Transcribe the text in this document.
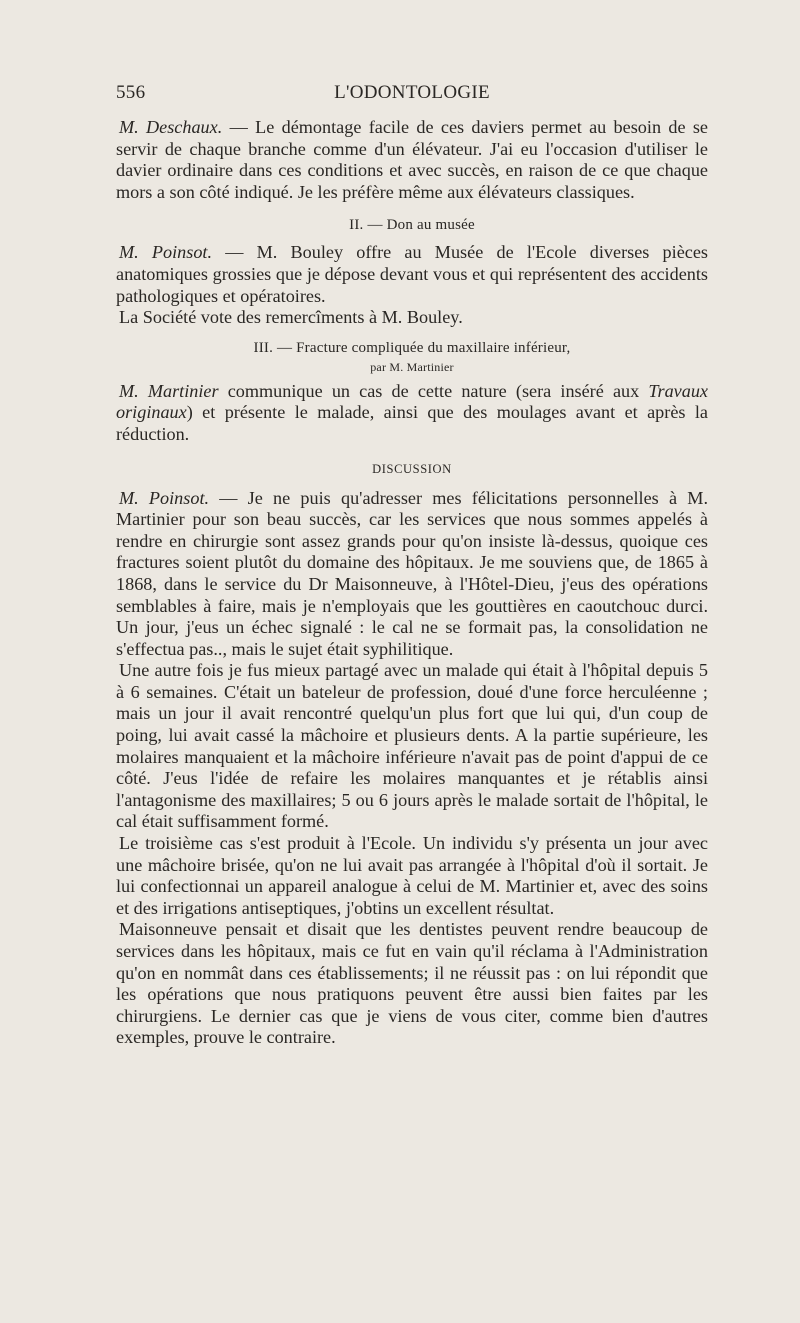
556	L'ODONTOLOGIE

M. Deschaux. — Le démontage facile de ces daviers permet au besoin de se servir de chaque branche comme d'un élévateur. J'ai eu l'occasion d'utiliser le davier ordinaire dans ces conditions et avec succès, en raison de ce que chaque mors a son côté indiqué. Je les préfère même aux élévateurs classiques.

II. — Don au musée

M. Poinsot. — M. Bouley offre au Musée de l'Ecole diverses pièces anatomiques grossies que je dépose devant vous et qui représentent des accidents pathologiques et opératoires.

La Société vote des remercîments à M. Bouley.

III. — Fracture compliquée du maxillaire inférieur,

par M. Martinier

M. Martinier communique un cas de cette nature (sera inséré aux Travaux originaux) et présente le malade, ainsi que des moulages avant et après la réduction.

DISCUSSION

M. Poinsot. — Je ne puis qu'adresser mes félicitations personnelles à M. Martinier pour son beau succès, car les services que nous sommes appelés à rendre en chirurgie sont assez grands pour qu'on insiste là-dessus, quoique ces fractures soient plutôt du domaine des hôpitaux. Je me souviens que, de 1865 à 1868, dans le service du Dr Maisonneuve, à l'Hôtel-Dieu, j'eus des opérations semblables à faire, mais je n'employais que les gouttières en caoutchouc durci. Un jour, j'eus un échec signalé : le cal ne se formait pas, la consolidation ne s'effectua pas.., mais le sujet était syphilitique.

Une autre fois je fus mieux partagé avec un malade qui était à l'hôpital depuis 5 à 6 semaines. C'était un bateleur de profession, doué d'une force herculéenne ; mais un jour il avait rencontré quelqu'un plus fort que lui qui, d'un coup de poing, lui avait cassé la mâchoire et plusieurs dents. A la partie supérieure, les molaires manquaient et la mâchoire inférieure n'avait pas de point d'appui de ce côté. J'eus l'idée de refaire les molaires manquantes et je rétablis ainsi l'antagonisme des maxillaires; 5 ou 6 jours après le malade sortait de l'hôpital, le cal était suffisamment formé.

Le troisième cas s'est produit à l'Ecole. Un individu s'y présenta un jour avec une mâchoire brisée, qu'on ne lui avait pas arrangée à l'hôpital d'où il sortait. Je lui confectionnai un appareil analogue à celui de M. Martinier et, avec des soins et des irrigations antiseptiques, j'obtins un excellent résultat.

Maisonneuve pensait et disait que les dentistes peuvent rendre beaucoup de services dans les hôpitaux, mais ce fut en vain qu'il réclama à l'Administration qu'on en nommât dans ces établissements; il ne réussit pas : on lui répondit que les opérations que nous pratiquons peuvent être aussi bien faites par les chirurgiens. Le dernier cas que je viens de vous citer, comme bien d'autres exemples, prouve le contraire.
